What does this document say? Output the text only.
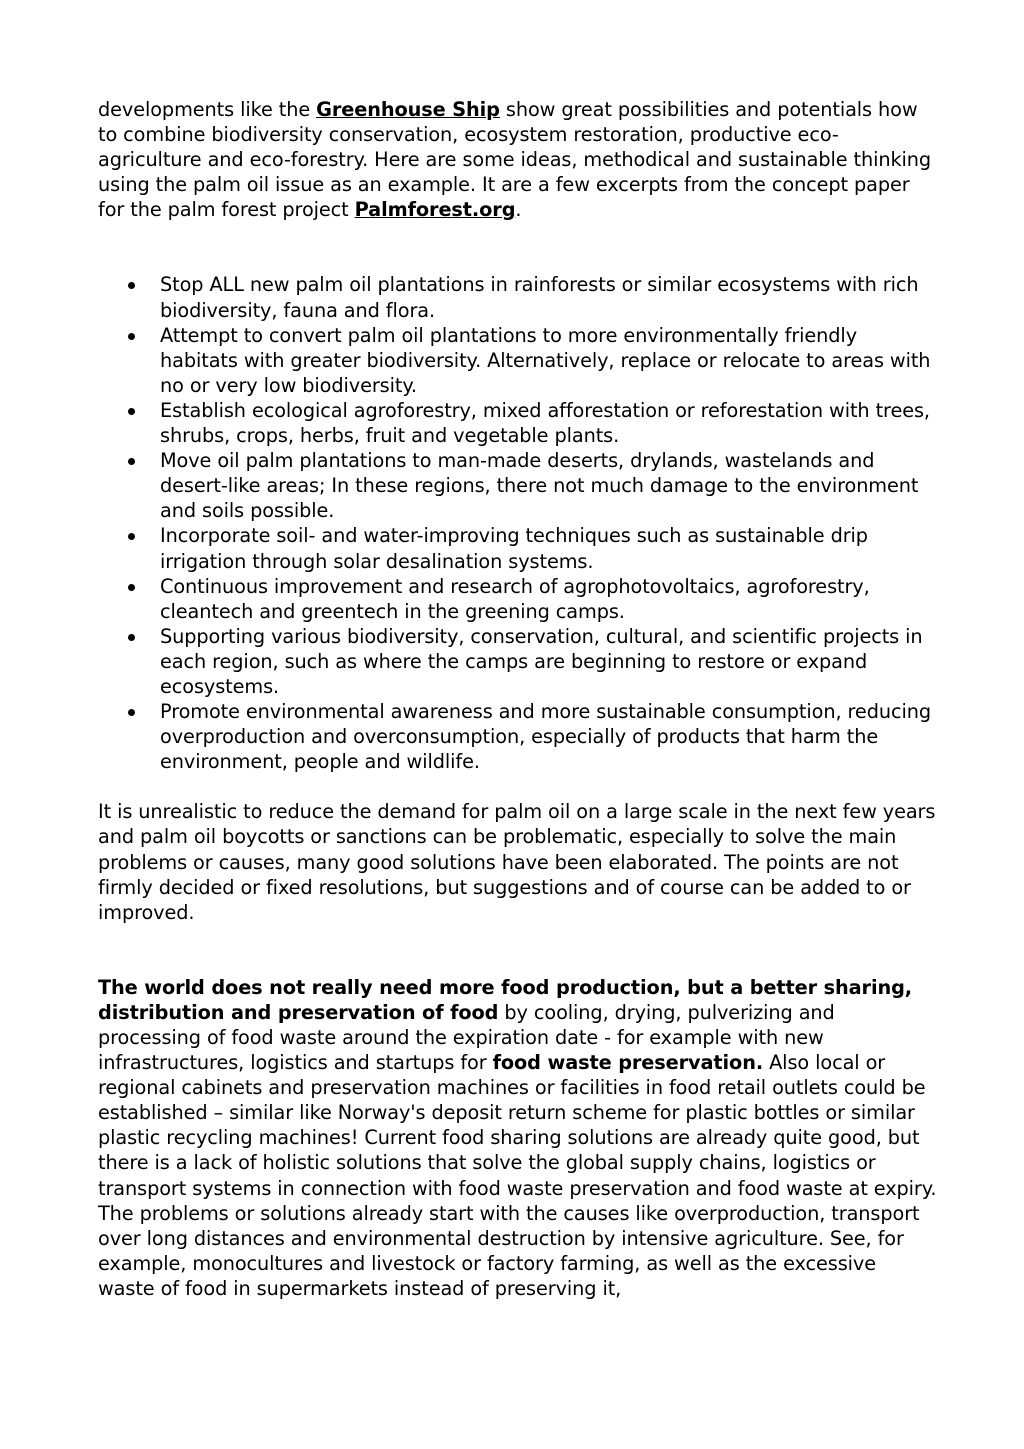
developments like the Greenhouse Ship show great possibilities and potentials how to combine biodiversity conservation, ecosystem restoration, productive eco-agriculture and eco-forestry. Here are some ideas, methodical and sustainable thinking using the palm oil issue as an example. It are a few excerpts from the concept paper for the palm forest project Palmforest.org.

Stop ALL new palm oil plantations in rainforests or similar ecosystems with rich biodiversity, fauna and flora.
Attempt to convert palm oil plantations to more environmentally friendly habitats with greater biodiversity. Alternatively, replace or relocate to areas with no or very low biodiversity.
Establish ecological agroforestry, mixed afforestation or reforestation with trees, shrubs, crops, herbs, fruit and vegetable plants.
Move oil palm plantations to man-made deserts, drylands, wastelands and desert-like areas; In these regions, there not much damage to the environment and soils possible.
Incorporate soil- and water-improving techniques such as sustainable drip irrigation through solar desalination systems.
Continuous improvement and research of agrophotovoltaics, agroforestry, cleantech and greentech in the greening camps.
Supporting various biodiversity, conservation, cultural, and scientific projects in each region, such as where the camps are beginning to restore or expand ecosystems.
Promote environmental awareness and more sustainable consumption, reducing overproduction and overconsumption, especially of products that harm the environment, people and wildlife.

It is unrealistic to reduce the demand for palm oil on a large scale in the next few years and palm oil boycotts or sanctions can be problematic, especially to solve the main problems or causes, many good solutions have been elaborated. The points are not firmly decided or fixed resolutions, but suggestions and of course can be added to or improved.

The world does not really need more food production, but a better sharing, distribution and preservation of food by cooling, drying, pulverizing and processing of food waste around the expiration date - for example with new infrastructures, logistics and startups for food waste preservation. Also local or regional cabinets and preservation machines or facilities in food retail outlets could be established – similar like Norway's deposit return scheme for plastic bottles or similar plastic recycling machines! Current food sharing solutions are already quite good, but there is a lack of holistic solutions that solve the global supply chains, logistics or transport systems in connection with food waste preservation and food waste at expiry. The problems or solutions already start with the causes like overproduction, transport over long distances and environmental destruction by intensive agriculture. See, for example, monocultures and livestock or factory farming, as well as the excessive waste of food in supermarkets instead of preserving it,
